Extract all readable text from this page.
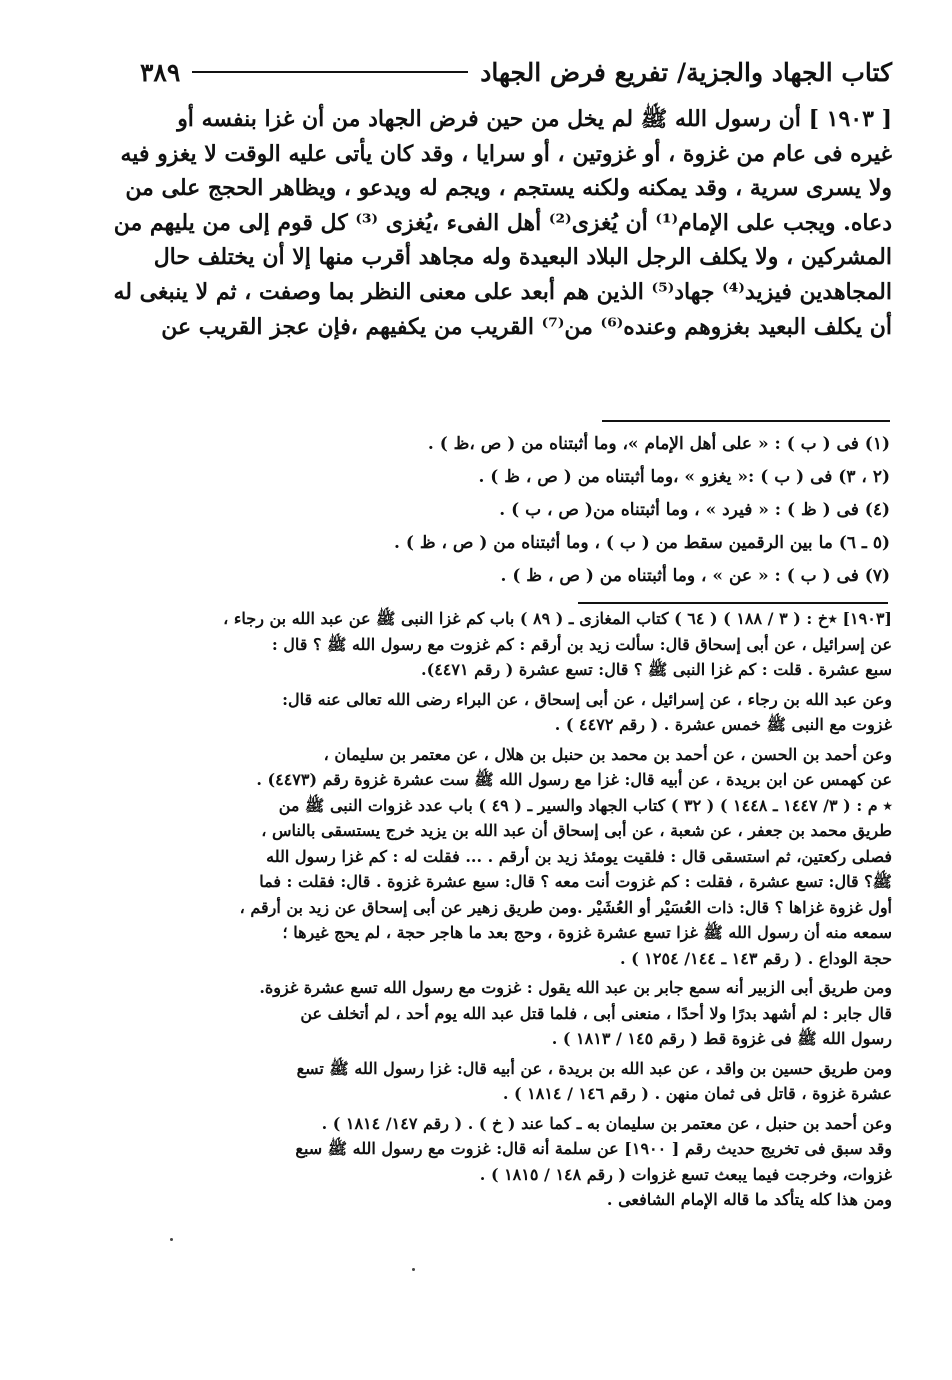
كتاب الجهاد والجزية/ تفريع فرض الجهاد
٣٨٩
[ ١٩٠٣ ] أن رسول الله ﷺ لم يخل من حين فرض الجهاد من أن غزا بنفسه أو
غيره فى عام من غزوة ، أو غزوتين ، أو سرايا ، وقد كان يأتى عليه الوقت لا يغزو فيه
ولا يسرى سرية ، وقد يمكنه ولكنه يستجم ، ويجم له ويدعو ، ويظاهر الحجج على من
دعاه. ويجب على الإمام⁽¹⁾ أن يُغزى⁽²⁾ أهل الفىء ،يُغزى ⁽³⁾ كل قوم إلى من يليهم من
المشركين ، ولا يكلف الرجل البلاد البعيدة وله مجاهد أقرب منها إلا أن يختلف حال
المجاهدين فيزيد⁽⁴⁾ جهاد⁽⁵⁾ الذين هم أبعد على معنى النظر بما وصفت ، ثم لا ينبغى له
أن يكلف البعيد بغزوهم وعنده⁽⁶⁾ من⁽⁷⁾ القريب من يكفيهم ،فإن عجز القريب عن
(١) فى ( ب ) : « على أهل الإمام »، وما أثبتناه من ( ص ،ظ ) .
(٢ ، ٣) فى ( ب ) :« يغزو » ،وما أثبتناه من ( ص ، ظ ) .
(٤) فى ( ظ ) : « فيرد » ، وما أثبتناه من( ص ، ب ) .
(٥ ـ ٦) ما بين الرقمين سقط من ( ب ) ، وما أثبتناه من ( ص ، ظ ) .
(٧) فى ( ب ) : « عن » ، وما أثبتناه من ( ص ، ظ ) .
[١٩٠٣] ٭خ : ( ٣ / ١٨٨ ) ( ٦٤ ) كتاب المغازى ـ ( ٨٩ ) باب كم غزا النبى ﷺ عن عبد الله بن رجاء ،
عن إسرائيل ، عن أبى إسحاق قال: سألت زيد بن أرقم : كم غزوت مع رسول الله ﷺ ؟ قال :
سبع عشرة . قلت : كم غزا النبى ﷺ ؟ قال: تسع عشرة ( رقم ٤٤٧١).
وعن عبد الله بن رجاء ، عن إسرائيل ، عن أبى إسحاق ، عن البراء رضى الله تعالى عنه قال:
غزوت مع النبى ﷺ خمس عشرة . ( رقم ٤٤٧٢ ) .
وعن أحمد بن الحسن ، عن أحمد بن محمد بن حنبل بن هلال ، عن معتمر بن سليمان ،
عن كهمس عن ابن بريدة ، عن أبيه قال: غزا مع رسول الله ﷺ ست عشرة غزوة رقم (٤٤٧٣) .
٭ م : ( ٣/ ١٤٤٧ ـ ١٤٤٨ ) ( ٣٢ ) كتاب الجهاد والسير ـ ( ٤٩ ) باب عدد غزوات النبى ﷺ من
طريق محمد بن جعفر ، عن شعبة ، عن أبى إسحاق أن عبد الله بن يزيد خرج يستسقى بالناس ،
فصلى ركعتين، ثم استسقى قال : فلقيت يومئذ زيد بن أرقم . ... فقلت له : كم غزا رسول الله
ﷺ؟ قال: تسع عشرة ، فقلت : كم غزوت أنت معه ؟ قال: سبع عشرة غزوة . قال: فقلت : فما
أول غزوة غزاها ؟ قال: ذات العُسَيْر أو العُشَيْر .ومن طريق زهير عن أبى إسحاق عن زيد بن أرقم ،
سمعه منه أن رسول الله ﷺ غزا تسع عشرة غزوة ، وحج بعد ما هاجر حجة ، لم يحج غيرها ؛
حجة الوداع . ( رقم ١٤٣ ـ ١٤٤/ ١٢٥٤ ) .
ومن طريق أبى الزبير أنه سمع جابر بن عبد الله يقول : غزوت مع رسول الله تسع عشرة غزوة.
قال جابر : لم أشهد بدرًا ولا أحدًا ، منعنى أبى ، فلما قتل عبد الله يوم أحد ، لم أتخلف عن
رسول الله ﷺ فى غزوة قط ( رقم ١٤٥ / ١٨١٣ ) .
ومن طريق حسين بن واقد ، عن عبد الله بن بريدة ، عن أبيه قال: غزا رسول الله ﷺ تسع
عشرة غزوة ، قاتل فى ثمان منهن . ( رقم ١٤٦ / ١٨١٤ ) .
وعن أحمد بن حنبل ، عن معتمر بن سليمان به ـ كما عند ( خ ) . ( رقم ١٤٧/ ١٨١٤ ) .
وقد سبق فى تخريج حديث رقم [ ١٩٠٠] عن سلمة أنه قال: غزوت مع رسول الله ﷺ سبع
غزوات، وخرجت فيما يبعث تسع غزوات ( رقم ١٤٨ / ١٨١٥ ) .
ومن هذا كله يتأكد ما قاله الإمام الشافعى .
